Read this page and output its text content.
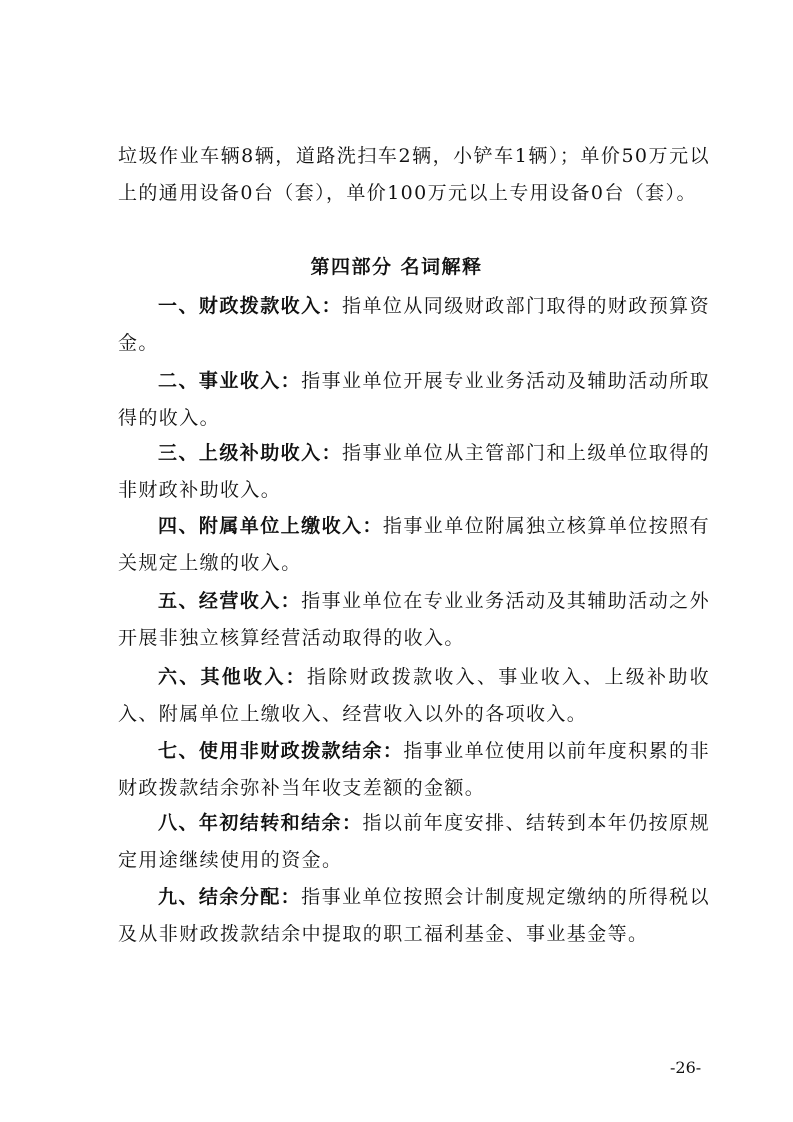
垃圾作业车辆8辆，道路洗扫车2辆，小铲车1辆）；单价50万元以上的通用设备0台（套），单价100万元以上专用设备0台（套）。

第四部分 名词解释

一、财政拨款收入：指单位从同级财政部门取得的财政预算资金。

二、事业收入：指事业单位开展专业业务活动及辅助活动所取得的收入。

三、上级补助收入：指事业单位从主管部门和上级单位取得的非财政补助收入。

四、附属单位上缴收入：指事业单位附属独立核算单位按照有关规定上缴的收入。

五、经营收入：指事业单位在专业业务活动及其辅助活动之外开展非独立核算经营活动取得的收入。

六、其他收入：指除财政拨款收入、事业收入、上级补助收入、附属单位上缴收入、经营收入以外的各项收入。

七、使用非财政拨款结余：指事业单位使用以前年度积累的非财政拨款结余弥补当年收支差额的金额。

八、年初结转和结余：指以前年度安排、结转到本年仍按原规定用途继续使用的资金。

九、结余分配：指事业单位按照会计制度规定缴纳的所得税以及从非财政拨款结余中提取的职工福利基金、事业基金等。

-26-
